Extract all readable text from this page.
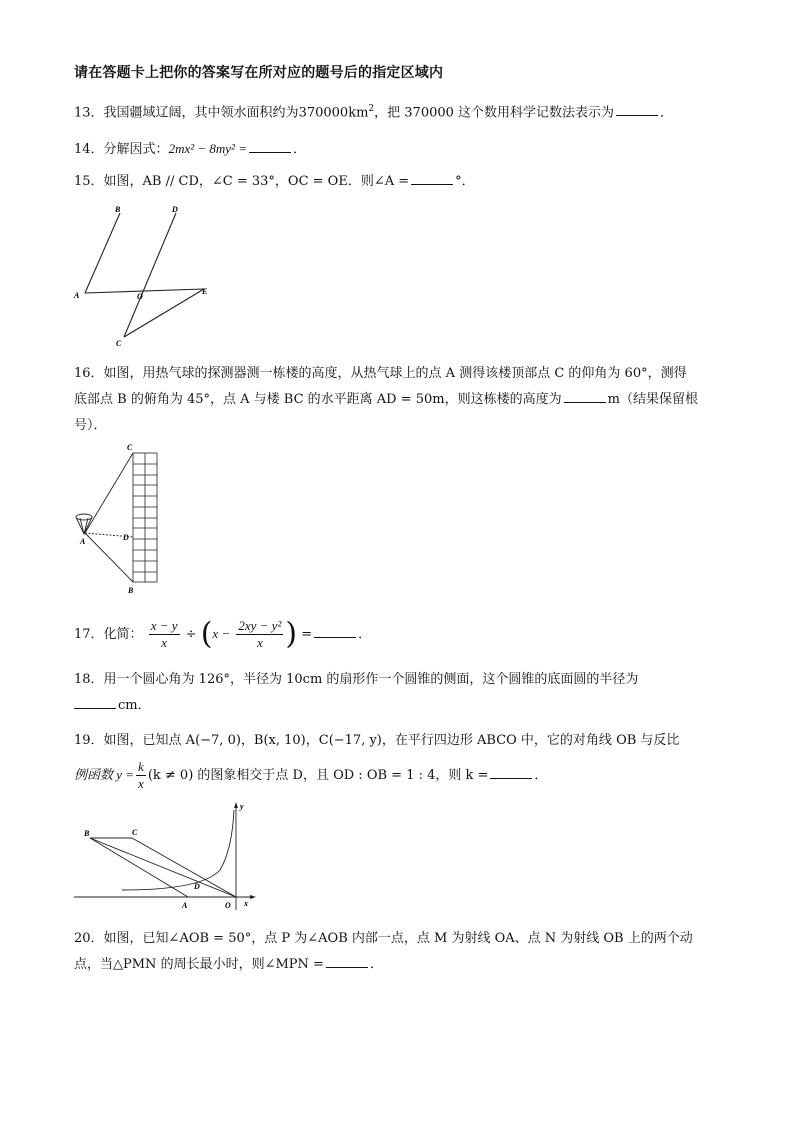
请在答题卡上把你的答案写在所对应的题号后的指定区域内
13．我国疆域辽阔，其中领水面积约为$370000km^2$，把 370000 这个数用科学记数法表示为	．
14．分解因式：2mx² − 8my² =	．
15．如图，AB // CD，∠C = 33°，OC = OE．则∠A =	°．
B	D
A	O
E
C
16．如图，用热气球的探测器测一栋楼的高度，从热气球上的点 A 测得该楼顶部点 C 的仰角为 60°，测得
底部点 B 的俯角为 45°，点 A 与楼 BC 的水平距离 AD = 50m，则这栋楼的高度为	m（结果保留根
号）．
C
D
A
B
17．化简： $\frac{x - y}{x} \div (x - \frac{\text{2xy − y²}}{x}$ ) =	．
18．用一个圆心角为 126°，半径为 10cm 的扇形作一个圆锥的侧面，这个圆锥的底面圆的半径为
cm．
19．如图，已知点 A(−7, 0)，B(x, 10)，C(−17, y)，在平行四边形 ABCO 中，它的对角线 OB 与反比
例函数 $y = \frac{k}{x} (k \ne 0)$ 的图象相交于点 D，且 OD : OB = 1 : 4，则 k =	．
B	C
D
A	O x
y
20．如图，已知∠AOB = 50°，点 P 为∠AOB 内部一点，点 M 为射线 OA、点 N 为射线 OB 上的两个动
点，当△PMN 的周长最小时，则∠MPN =	．
